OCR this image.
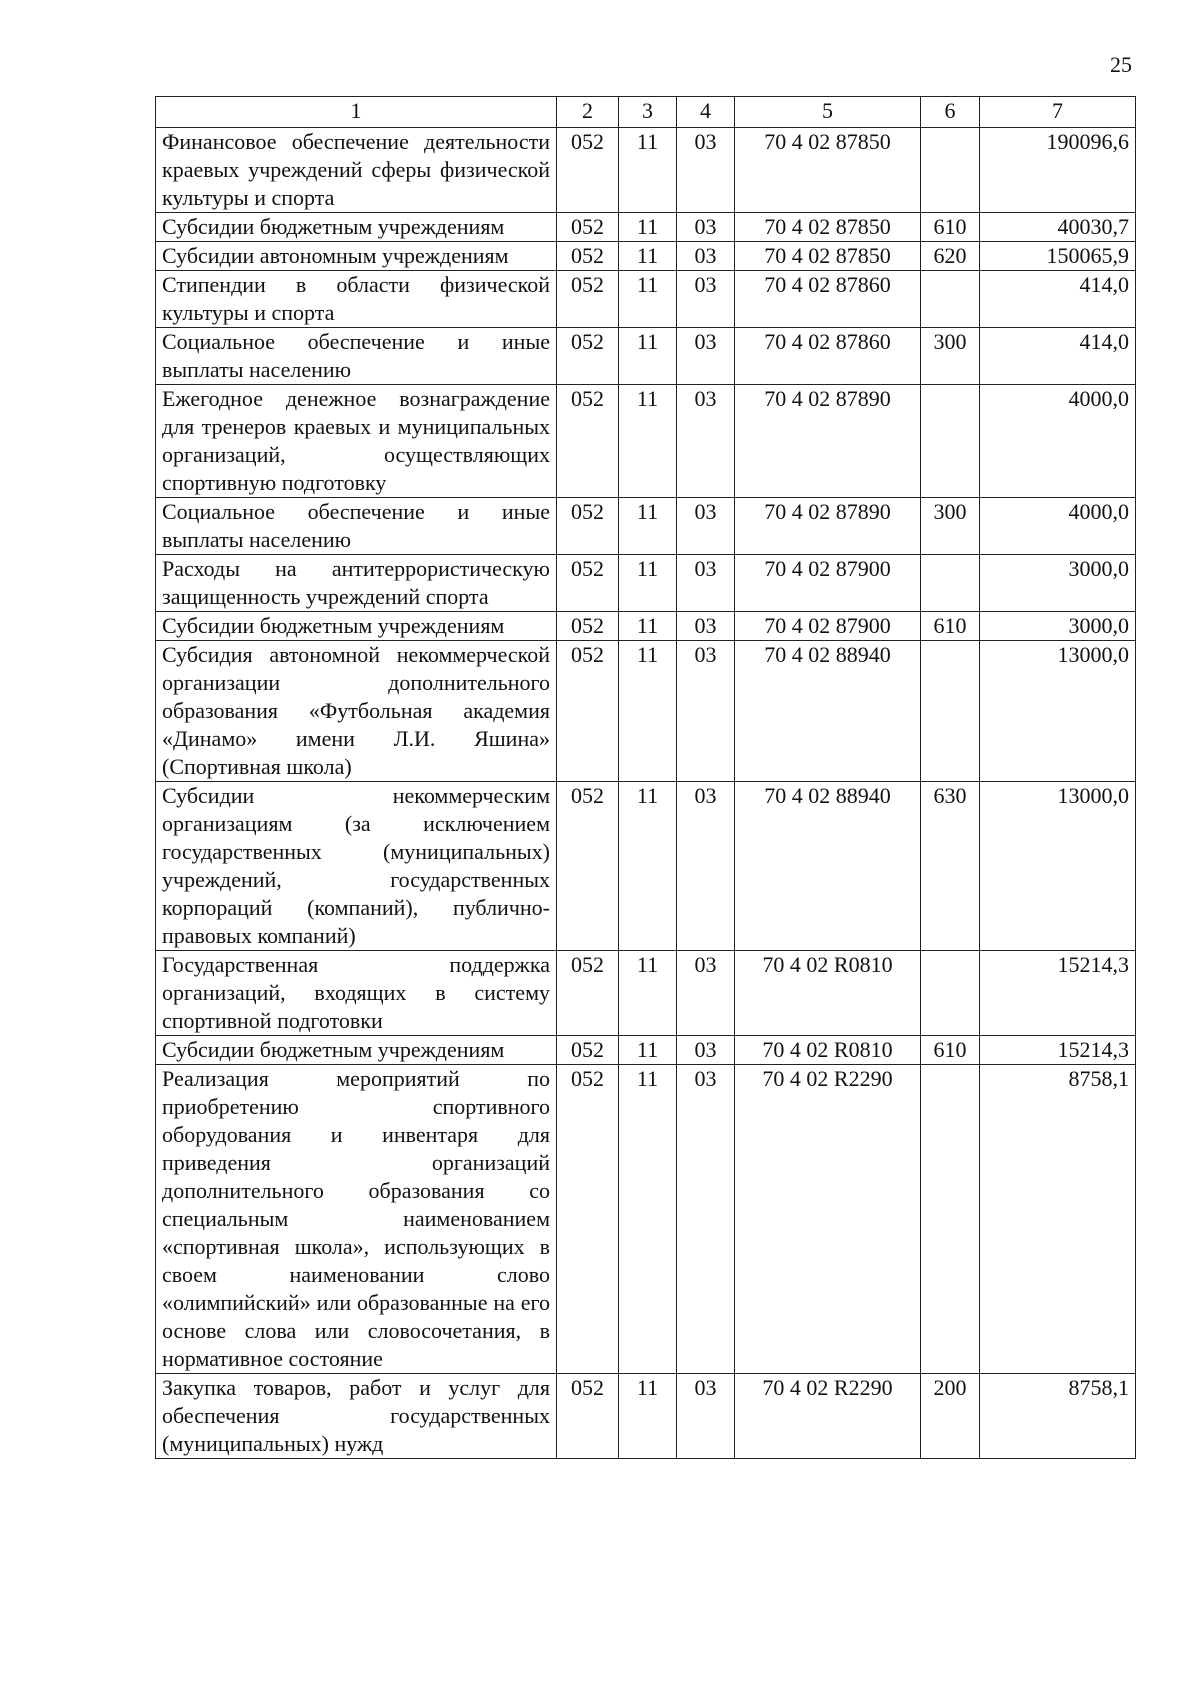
25
1	2	3	4	5	6	7
Финансовое обеспечение деятельности краевых учреждений сферы физической культуры и спорта	052	11	03	70 4 02 87850		190096,6
Субсидии бюджетным учреждениям	052	11	03	70 4 02 87850	610	40030,7
Субсидии автономным учреждениям	052	11	03	70 4 02 87850	620	150065,9
Стипендии в области физической культуры и спорта	052	11	03	70 4 02 87860		414,0
Социальное обеспечение и иные выплаты населению	052	11	03	70 4 02 87860	300	414,0
Ежегодное денежное вознаграждение для тренеров краевых и муниципальных организаций, осуществляющих спортивную подготовку	052	11	03	70 4 02 87890		4000,0
Социальное обеспечение и иные выплаты населению	052	11	03	70 4 02 87890	300	4000,0
Расходы на антитеррористическую защищенность учреждений спорта	052	11	03	70 4 02 87900		3000,0
Субсидии бюджетным учреждениям	052	11	03	70 4 02 87900	610	3000,0
Субсидия автономной некоммерческой организации дополнительного образования «Футбольная академия «Динамо» имени Л.И. Яшина» (Спортивная школа)	052	11	03	70 4 02 88940		13000,0
Субсидии некоммерческим организациям (за исключением государственных (муниципальных) учреждений, государственных корпораций (компаний), публично-правовых компаний)	052	11	03	70 4 02 88940	630	13000,0
Государственная поддержка организаций, входящих в систему спортивной подготовки	052	11	03	70 4 02 R0810		15214,3
Субсидии бюджетным учреждениям	052	11	03	70 4 02 R0810	610	15214,3
Реализация мероприятий по приобретению спортивного оборудования и инвентаря для приведения организаций дополнительного образования со специальным наименованием «спортивная школа», использующих в своем наименовании слово «олимпийский» или образованные на его основе слова или словосочетания, в нормативное состояние	052	11	03	70 4 02 R2290		8758,1
Закупка товаров, работ и услуг для обеспечения государственных (муниципальных) нужд	052	11	03	70 4 02 R2290	200	8758,1
